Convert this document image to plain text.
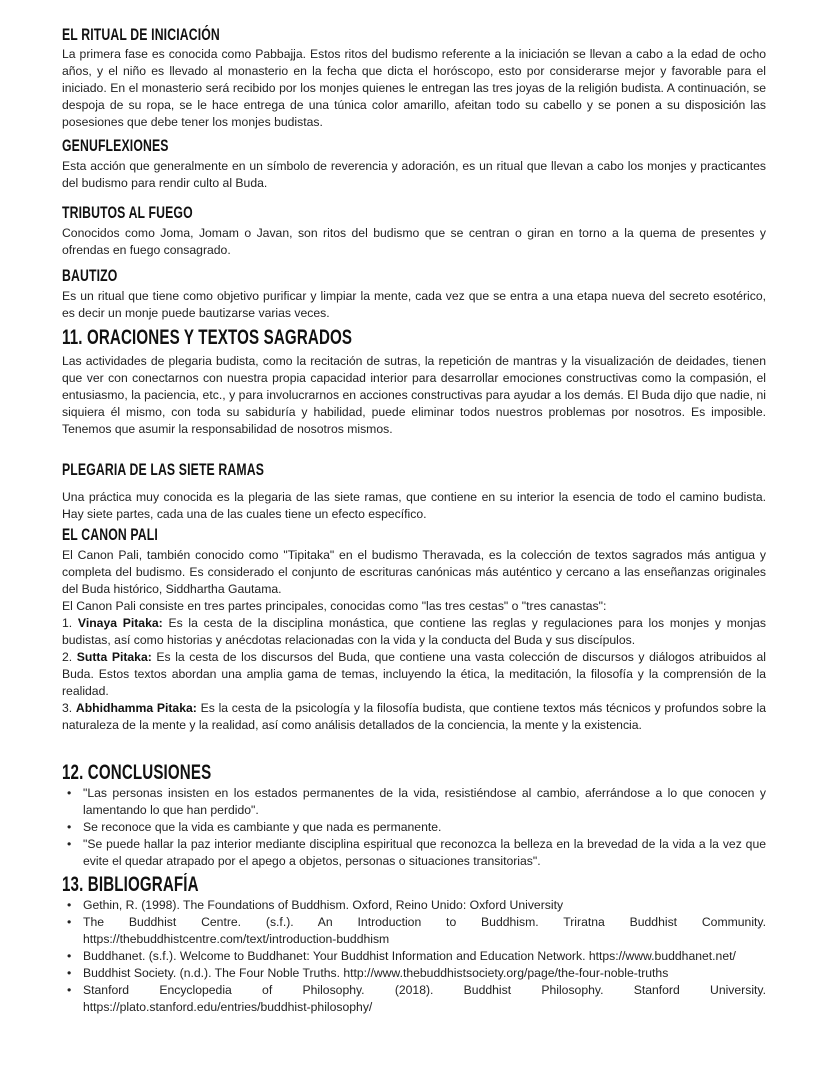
EL RITUAL DE INICIACIÓN

La primera fase es conocida como Pabbajja. Estos ritos del budismo referente a la iniciación se llevan a cabo a la edad de ocho años, y el niño es llevado al monasterio en la fecha que dicta el horóscopo, esto por considerarse mejor y favorable para el iniciado. En el monasterio será recibido por los monjes quienes le entregan las tres joyas de la religión budista. A continuación, se despoja de su ropa, se le hace entrega de una túnica color amarillo, afeitan todo su cabello y se ponen a su disposición las posesiones que debe tener los monjes budistas.

GENUFLEXIONES

Esta acción que generalmente en un símbolo de reverencia y adoración, es un ritual que llevan a cabo los monjes y practicantes del budismo para rendir culto al Buda.

TRIBUTOS AL FUEGO

Conocidos como Joma, Jomam o Javan, son ritos del budismo que se centran o giran en torno a la quema de presentes y ofrendas en fuego consagrado.

BAUTIZO

Es un ritual que tiene como objetivo purificar y limpiar la mente, cada vez que se entra a una etapa nueva del secreto esotérico, es decir un monje puede bautizarse varias veces.

11. ORACIONES Y TEXTOS SAGRADOS

Las actividades de plegaria budista, como la recitación de sutras, la repetición de mantras y la visualización de deidades, tienen que ver con conectarnos con nuestra propia capacidad interior para desarrollar emociones constructivas como la compasión, el entusiasmo, la paciencia, etc., y para involucrarnos en acciones constructivas para ayudar a los demás. El Buda dijo que nadie, ni siquiera él mismo, con toda su sabiduría y habilidad, puede eliminar todos nuestros problemas por nosotros. Es imposible. Tenemos que asumir la responsabilidad de nosotros mismos.

PLEGARIA DE LAS SIETE RAMAS

Una práctica muy conocida es la plegaria de las siete ramas, que contiene en su interior la esencia de todo el camino budista. Hay siete partes, cada una de las cuales tiene un efecto específico.

EL CANON PALI

El Canon Pali, también conocido como "Tipitaka" en el budismo Theravada, es la colección de textos sagrados más antigua y completa del budismo. Es considerado el conjunto de escrituras canónicas más auténtico y cercano a las enseñanzas originales del Buda histórico, Siddhartha Gautama.

El Canon Pali consiste en tres partes principales, conocidas como "las tres cestas" o "tres canastas":

1. Vinaya Pitaka: Es la cesta de la disciplina monástica, que contiene las reglas y regulaciones para los monjes y monjas budistas, así como historias y anécdotas relacionadas con la vida y la conducta del Buda y sus discípulos.

2. Sutta Pitaka: Es la cesta de los discursos del Buda, que contiene una vasta colección de discursos y diálogos atribuidos al Buda. Estos textos abordan una amplia gama de temas, incluyendo la ética, la meditación, la filosofía y la comprensión de la realidad.

3. Abhidhamma Pitaka: Es la cesta de la psicología y la filosofía budista, que contiene textos más técnicos y profundos sobre la naturaleza de la mente y la realidad, así como análisis detallados de la conciencia, la mente y la existencia.

12. CONCLUSIONES
• "Las personas insisten en los estados permanentes de la vida, resistiéndose al cambio, aferrándose a lo que conocen y lamentando lo que han perdido".
• Se reconoce que la vida es cambiante y que nada es permanente.
• "Se puede hallar la paz interior mediante disciplina espiritual que reconozca la belleza en la brevedad de la vida a la vez que evite el quedar atrapado por el apego a objetos, personas o situaciones transitorias".
13. BIBLIOGRAFÍA
• Gethin, R. (1998). The Foundations of Buddhism. Oxford, Reino Unido: Oxford University
• The Buddhist Centre. (s.f.). An Introduction to Buddhism. Triratna Buddhist Community. https://thebuddhistcentre.com/text/introduction-buddhism
• Buddhanet. (s.f.). Welcome to Buddhanet: Your Buddhist Information and Education Network. https://www.buddhanet.net/
• Buddhist Society. (n.d.). The Four Noble Truths. http://www.thebuddhistsociety.org/page/the-four-noble-truths
• Stanford Encyclopedia of Philosophy. (2018). Buddhist Philosophy. Stanford University. https://plato.stanford.edu/entries/buddhist-philosophy/
